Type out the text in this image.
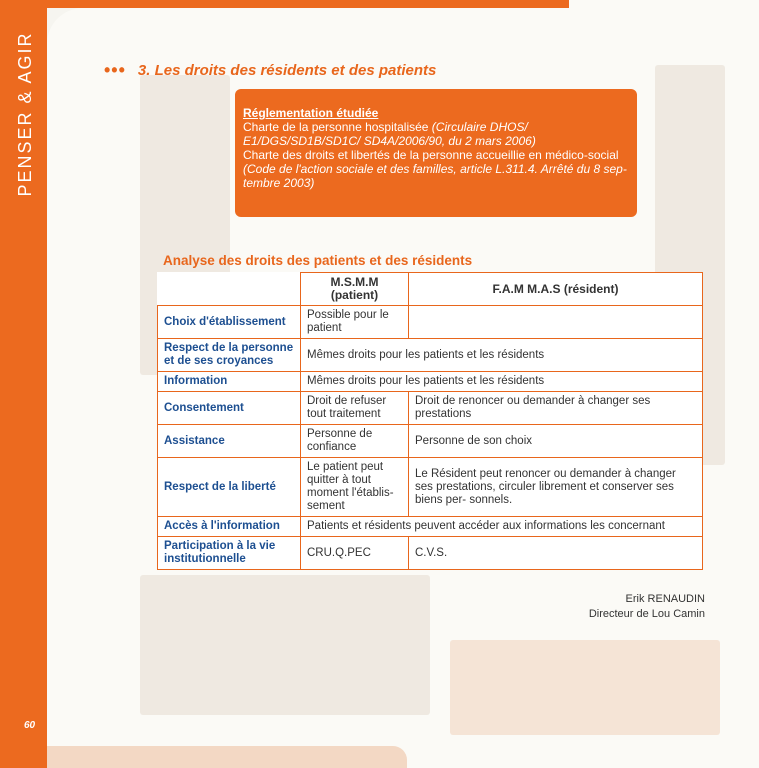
PENSER & AGIR	••• 3. Les droits des résidents et des patients
Réglementation étudiée
Charte de la personne hospitalisée (Circulaire DHOS/ E1/DGS/SD1B/SD1C/ SD4A/2006/90, du 2 mars 2006)
Charte des droits et libertés de la personne accueillie en médico-social (Code de l'action sociale et des familles, article L.311.4. Arrêté du 8 sep- tembre 2003)
Analyse des droits des patients et des résidents
	M.S.M.M (patient)	F.A.M M.A.S (résident)
Choix d'établissement	Possible pour le patient	
Respect de la personne et de ses croyances	Mêmes droits pour les patients et les résidents	
Information	Mêmes droits pour les patients et les résidents	
Consentement	Droit de refuser tout traitement	Droit de renoncer ou demander à changer ses prestations
Assistance	Personne de confiance	Personne de son choix
Respect de la liberté	Le patient peut quitter à tout moment l'établis- sement	Le Résident peut renoncer ou demander à changer ses prestations, circuler librement et conserver ses biens per- sonnels.
Accès à l'information	Patients et résidents peuvent accéder aux informations les concernant	
Participation à la vie institutionnelle	CRU.Q.PEC	C.V.S.
Erik RENAUDIN
Directeur de Lou Camin
60
